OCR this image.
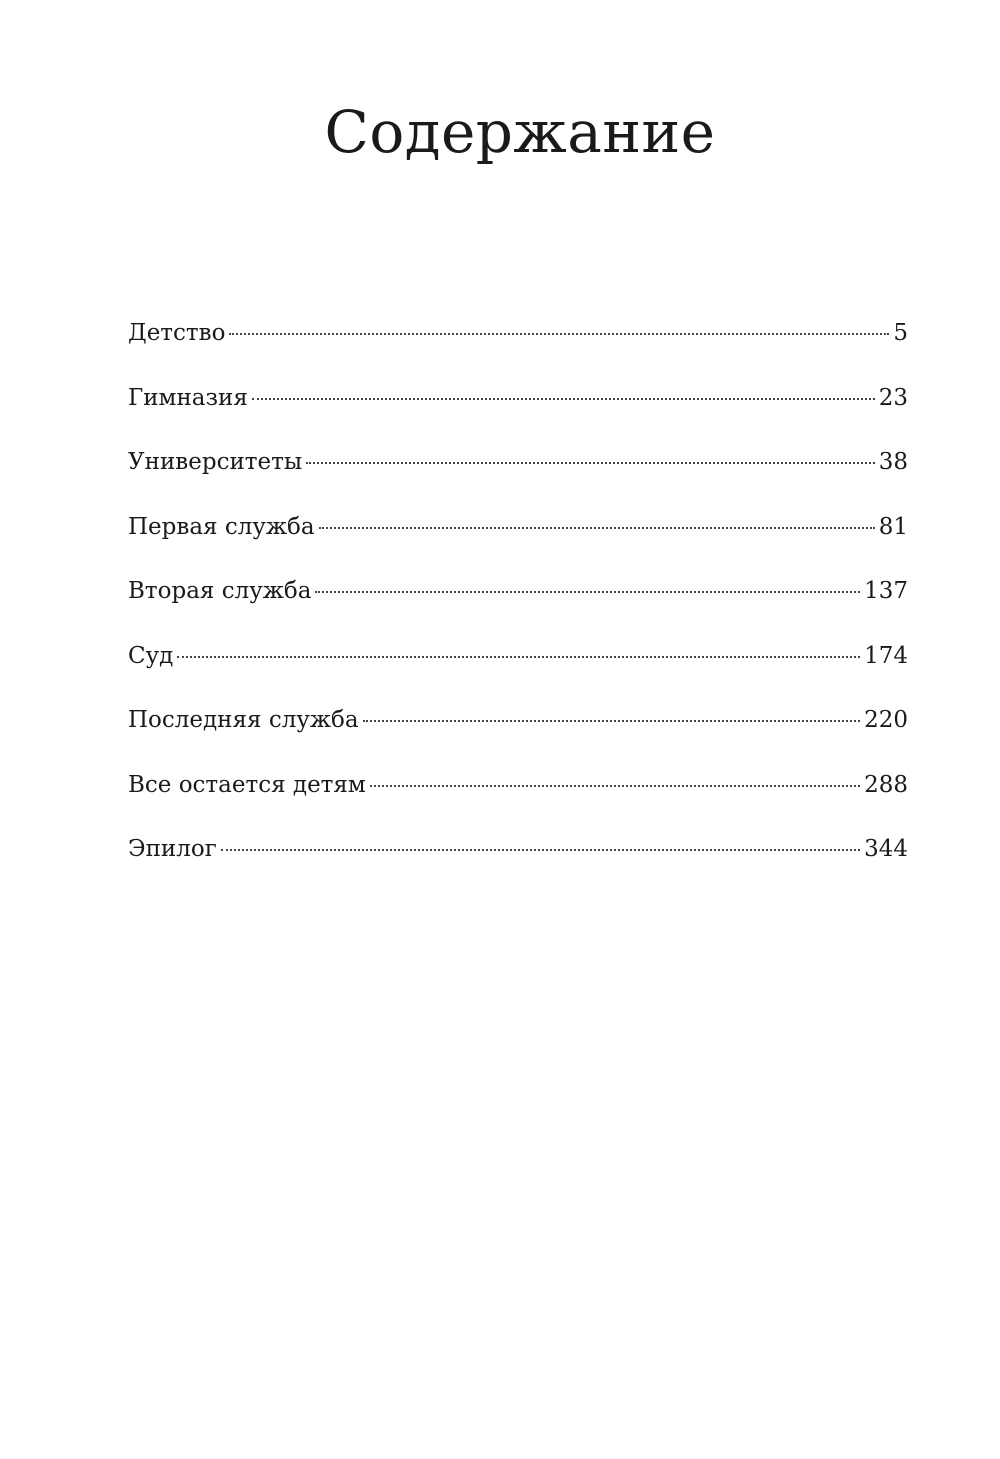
Содержание
Детство	5
Гимназия	23
Университеты	38
Первая служба	81
Вторая служба	137
Суд	174
Последняя служба	220
Все остается детям	288
Эпилог	344
